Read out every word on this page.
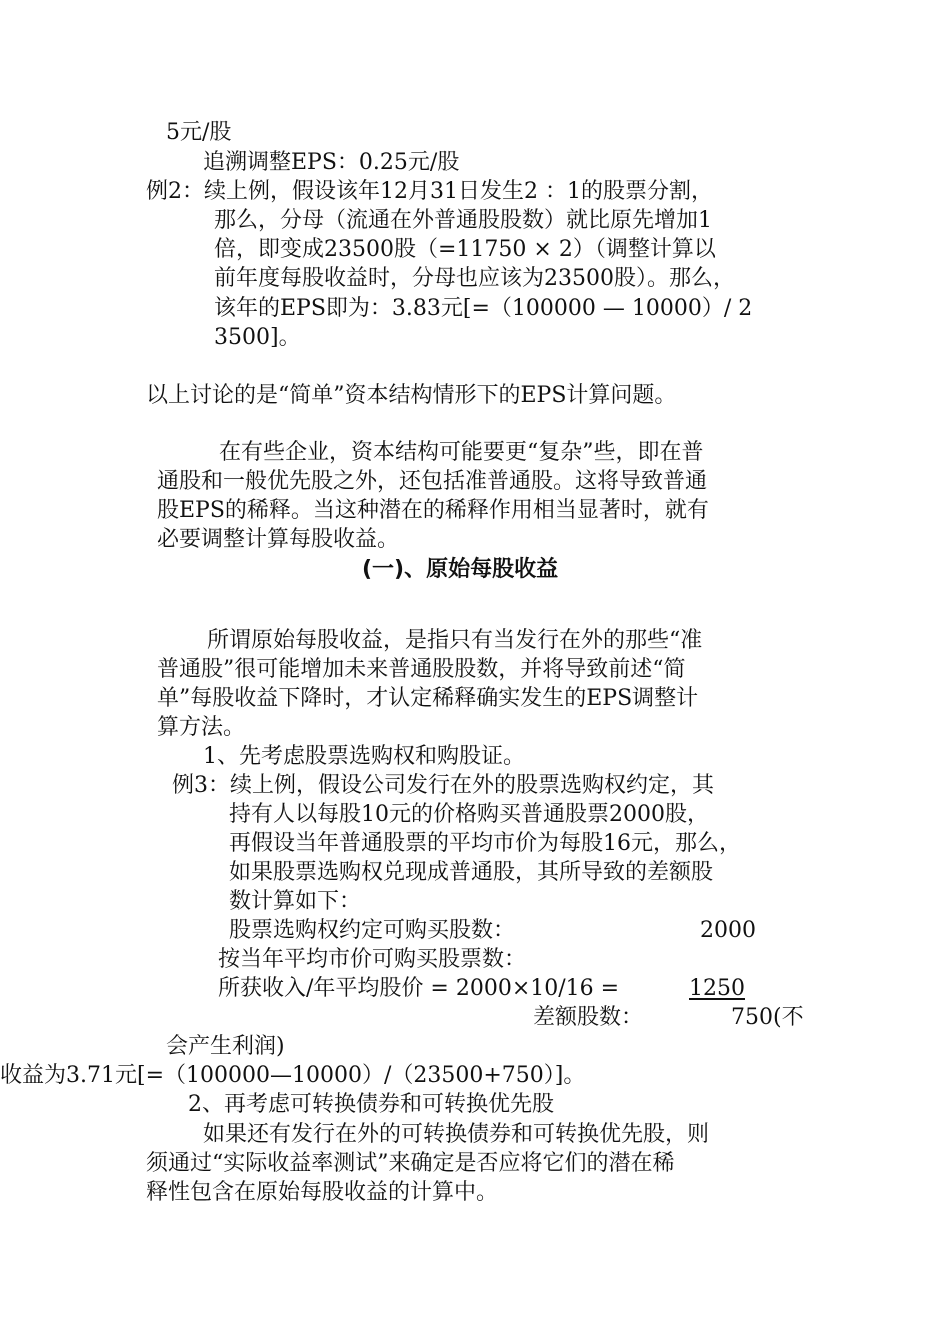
5元/股
追溯调整EPS：0.25元/股
例2：续上例，假设该年12月31日发生2 ：1的股票分割，
那么，分母（流通在外普通股股数）就比原先增加1
倍，即变成23500股（=11750 × 2）（调整计算以
前年度每股收益时，分母也应该为23500股）。那么，
该年的EPS即为：3.83元[=（100000 — 10000）/ 2
3500]。
以上讨论的是“简单”资本结构情形下的EPS计算问题。
在有些企业，资本结构可能要更“复杂”些，即在普
通股和一般优先股之外，还包括准普通股。这将导致普通
股EPS的稀释。当这种潜在的稀释作用相当显著时，就有
必要调整计算每股收益。
(一)、原始每股收益
所谓原始每股收益，是指只有当发行在外的那些“准
普通股”很可能增加未来普通股股数，并将导致前述“简
单”每股收益下降时，才认定稀释确实发生的EPS调整计
算方法。
1、先考虑股票选购权和购股证。
例3：续上例，假设公司发行在外的股票选购权约定，其
持有人以每股10元的价格购买普通股票2000股，
再假设当年普通股票的平均市价为每股16元，那么，
如果股票选购权兑现成普通股，其所导致的差额股
数计算如下：
股票选购权约定可购买股数：	2000
按当年平均市价可购买股票数：
所获收入/年平均股价 = 2000×10/16 =	1250
差额股数：	750(不
会产生利润)
收益为3.71元[=（100000—10000）/（23500+750）]。
2、再考虑可转换债券和可转换优先股
如果还有发行在外的可转换债券和可转换优先股，则
须通过“实际收益率测试”来确定是否应将它们的潜在稀
释性包含在原始每股收益的计算中。
